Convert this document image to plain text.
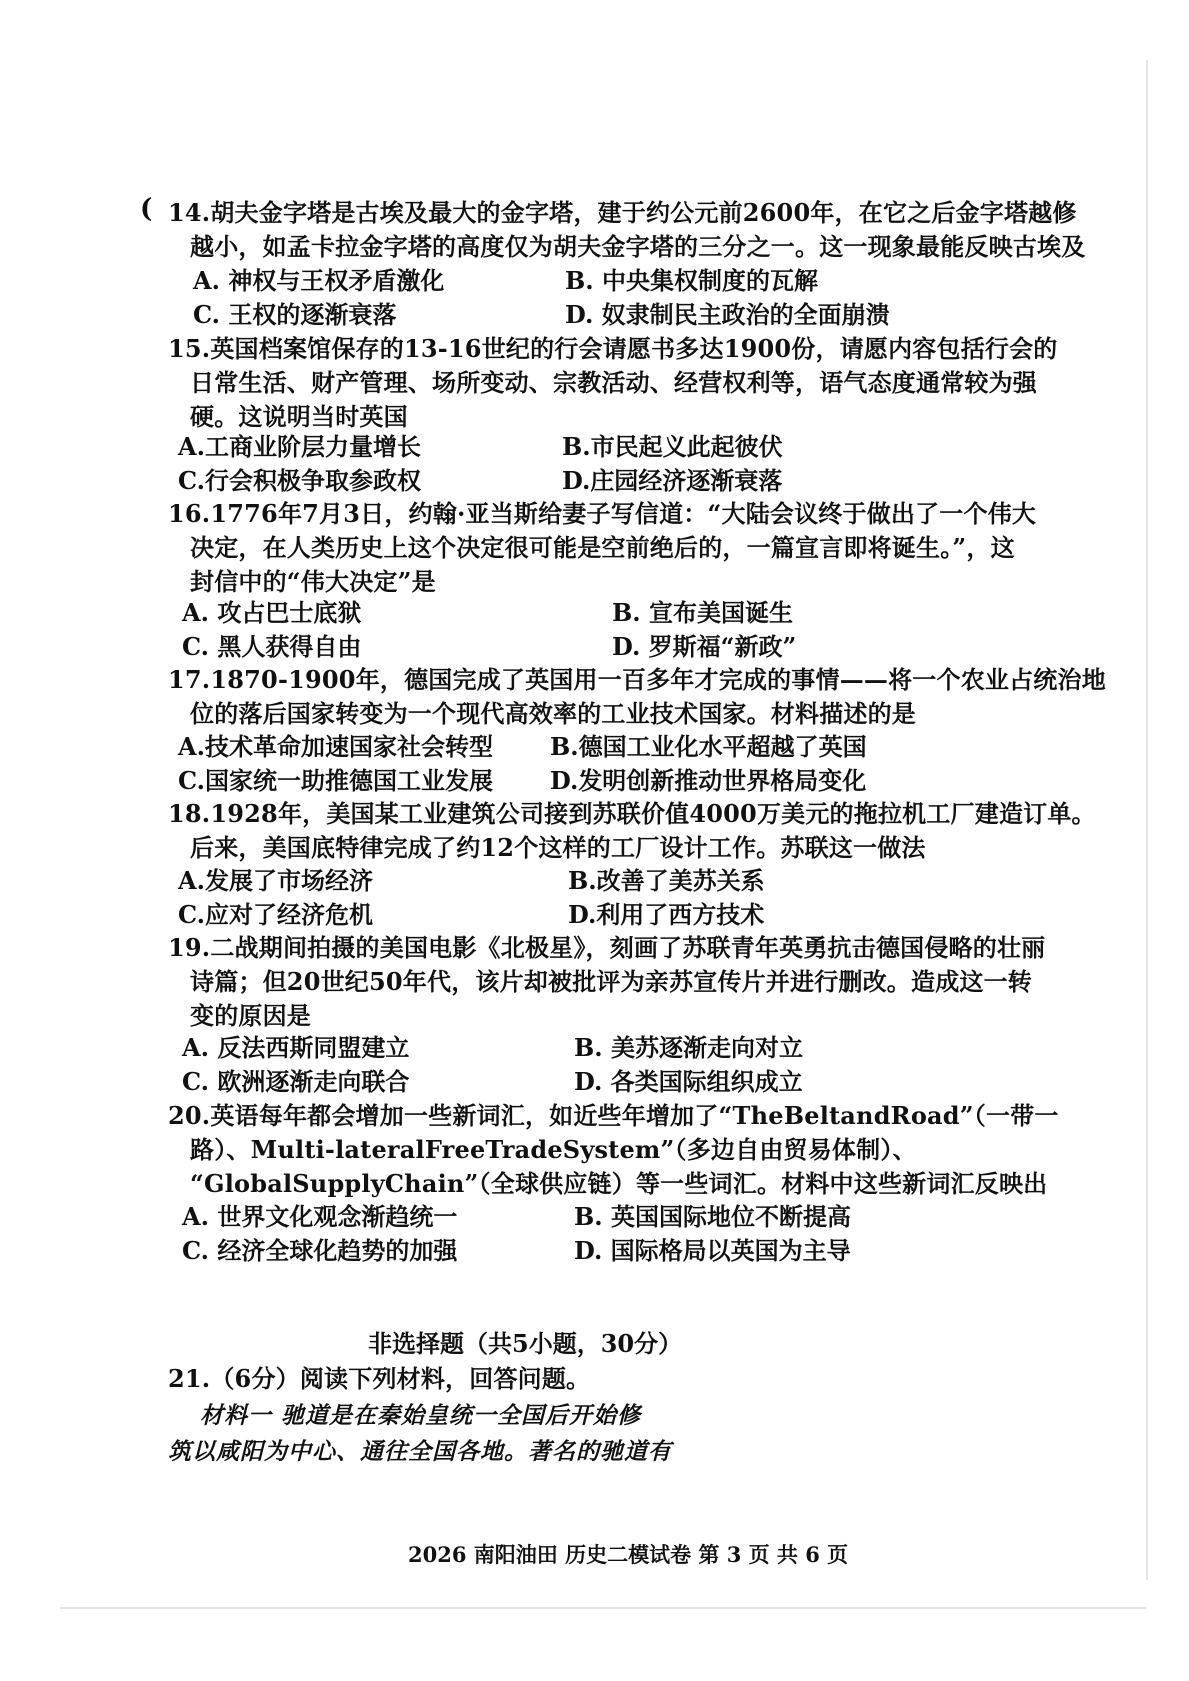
( 14.胡夫金字塔是古埃及最大的金字塔，建于约公元前2600年，在它之后金字塔越修
越小，如孟卡拉金字塔的高度仅为胡夫金字塔的三分之一。这一现象最能反映古埃及
A. 神权与王权矛盾激化	B. 中央集权制度的瓦解
C. 王权的逐渐衰落	D. 奴隶制民主政治的全面崩溃
15.英国档案馆保存的13-16世纪的行会请愿书多达1900份，请愿内容包括行会的
日常生活、财产管理、场所变动、宗教活动、经营权利等，语气态度通常较为强
硬。这说明当时英国
A.工商业阶层力量增长	B.市民起义此起彼伏
C.行会积极争取参政权	D.庄园经济逐渐衰落
16.1776年7月3日，约翰·亚当斯给妻子写信道：“大陆会议终于做出了一个伟大
决定，在人类历史上这个决定很可能是空前绝后的，一篇宣言即将诞生。”，这
封信中的“伟大决定”是
A. 攻占巴士底狱	B. 宣布美国诞生
C. 黑人获得自由	D. 罗斯福“新政”
17.1870-1900年，德国完成了英国用一百多年才完成的事情——将一个农业占统治地
位的落后国家转变为一个现代高效率的工业技术国家。材料描述的是
A.技术革命加速国家社会转型 B.德国工业化水平超越了英国
C.国家统一助推德国工业发展 D.发明创新推动世界格局变化
18.1928年，美国某工业建筑公司接到苏联价值4000万美元的拖拉机工厂建造订单。
后来，美国底特律完成了约12个这样的工厂设计工作。苏联这一做法
A.发展了市场经济	B.改善了美苏关系
C.应对了经济危机	D.利用了西方技术
19.二战期间拍摄的美国电影《北极星》，刻画了苏联青年英勇抗击德国侵略的壮丽
诗篇；但20世纪50年代，该片却被批评为亲苏宣传片并进行删改。造成这一转
变的原因是
A. 反法西斯同盟建立	B. 美苏逐渐走向对立
C. 欧洲逐渐走向联合	D. 各类国际组织成立
20.英语每年都会增加一些新词汇，如近些年增加了“TheBeltandRoad”（一带一
路）、Multi-lateralFreeTradeSystem”（多边自由贸易体制）、
“GlobalSupplyChain”（全球供应链）等一些词汇。材料中这些新词汇反映出
A. 世界文化观念渐趋统一	B. 英国国际地位不断提高
C. 经济全球化趋势的加强	D. 国际格局以英国为主导
非选择题（共5小题，30分）
21.（6分）阅读下列材料，回答问题。
材料一 驰道是在秦始皇统一全国后开始修
筑以咸阳为中心、通往全国各地。著名的驰道有
2026 南阳油田 历史二模试卷 第 3 页 共 6 页
